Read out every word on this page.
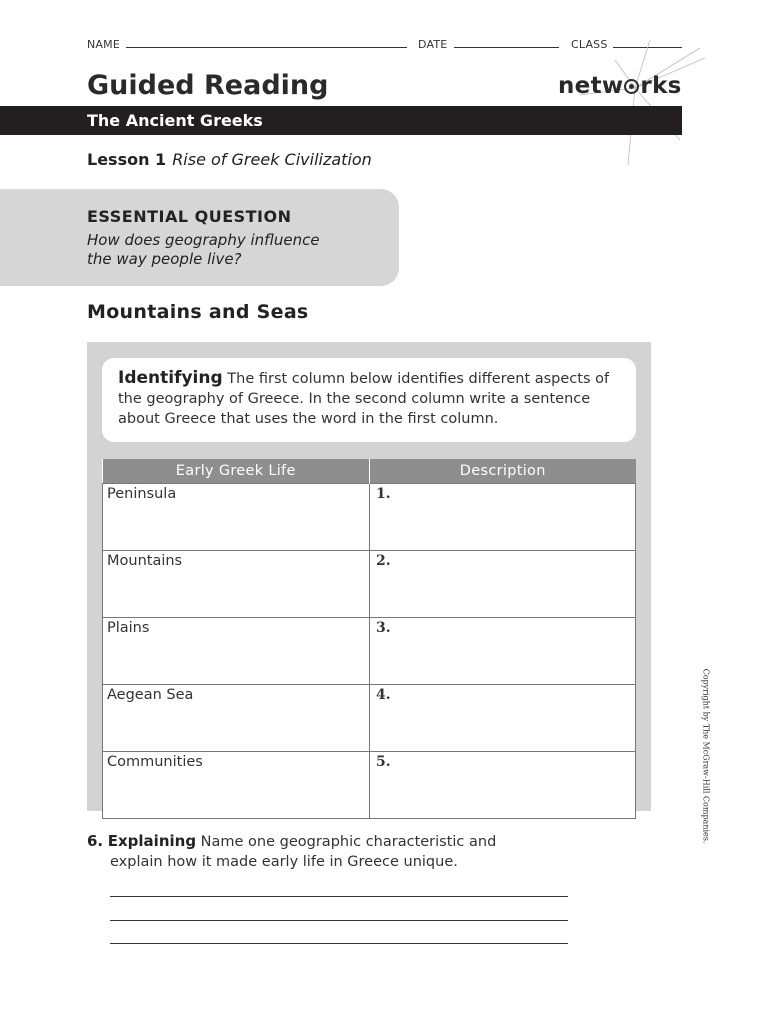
NAME	DATE	CLASS
Guided Reading	netw rks
The Ancient Greeks
Lesson 1 Rise of Greek Civilization
ESSENTIAL QUESTION
How does geography influence
the way people live?
Mountains and Seas
Identifying The first column below identifies different aspects of the geography of Greece. In the second column write a sentence about Greece that uses the word in the first column.
Early Greek Life	Description
Peninsula	1.
Mountains	2.
Plains	3.
Aegean Sea	4.
Communities	5.
6. Explaining Name one geographic characteristic and
explain how it made early life in Greece unique.
Copyright by The McGraw-Hill Companies.
